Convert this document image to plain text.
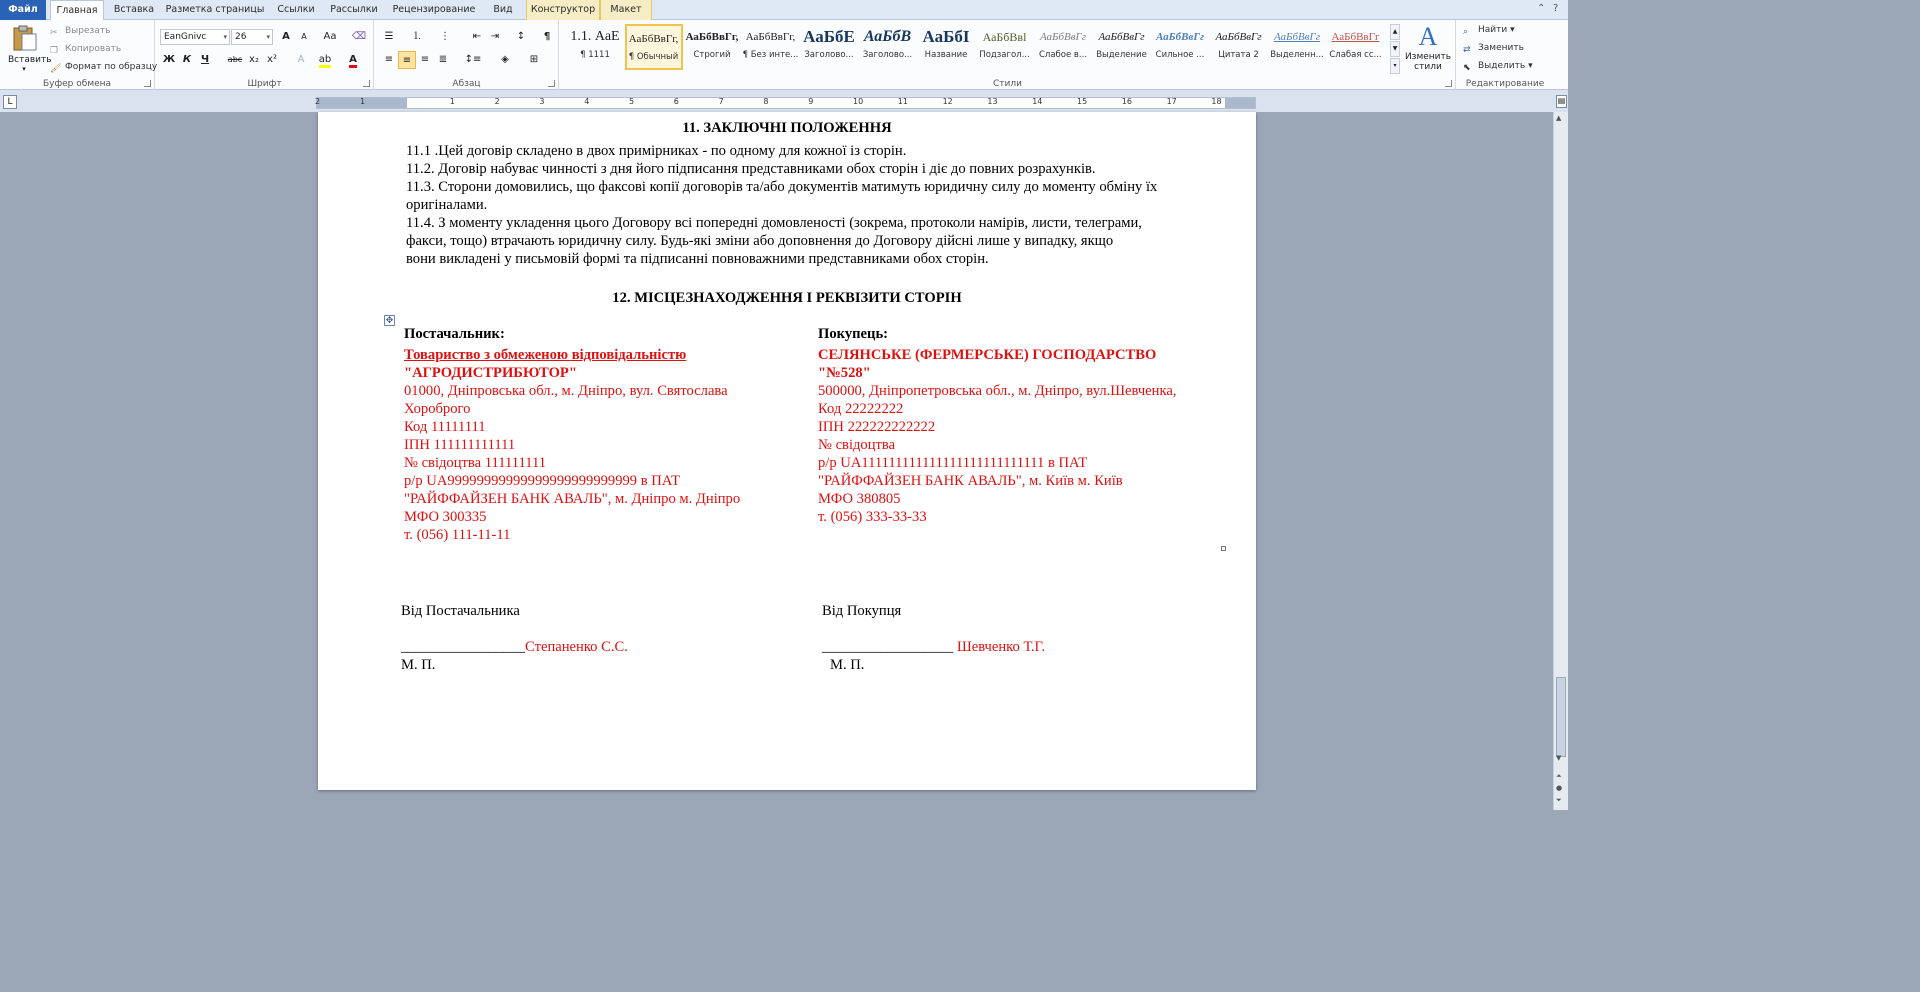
Файл	Главная	Вставка	Разметка страницы	Ссылки	Рассылки	Рецензирование	Вид	Конструктор	Макет	⌃ ?
Вставить
▾
✂ Вырезать
❐ Копировать
🖌 Формат по образцу
Буфер обмена
EanGnivc ▾ 26	▾	A	A	Aa	⌫
Ж К Ч	abc x₂ x²	A	ab	A
Шрифт
☰	⒈	⋮	⇤ ⇥	↕	¶
≡ ≡ ≡ ≣	↕≡	◈	⊞
Абзац
1.1. АаЕ
¶ 1111
АаБбВвГг,
¶ Обычный
АаБбВвГг,
Строгий
АаБбВвГг,
¶ Без инте...
АаБбE
Заголово...
АаБбВ
Заголово...
АаБбI
Название
АаБбВвl
Подзагол...
АаБбВвГг
Слабое в...
АаБбВвГг
Выделение
АаБбВвГг
Сильное ...
АаБбВвГг
Цитата 2
АаБбВвГг
Выделенн...
АаБбВвГг
Слабая сс...
▲
▼
▾
A
Изменить стили
Стили
⌕ Найти ▾
⇄ Заменить
⬉ Выделить ▾
Редактирование
L	2	1	1	2	3	4	5	6	7	8	9	10	11	12	13	14	15	16	17	18	▤
▲
▼
⏶
●
⏷
11. ЗАКЛЮЧНІ ПОЛОЖЕННЯ
11.1 .Цей договір складено в двох примірниках - по одному для кожної із сторін.
11.2. Договір набуває чинності з дня його підписання представниками обох сторін і діє до повних розрахунків.
11.3. Сторони домовились, що факсові копії договорів та/або документів матимуть юридичну силу до моменту обміну їх
оригіналами.
11.4. З моменту укладення цього Договору всі попередні домовленості (зокрема, протоколи намірів, листи, телеграми,
факси, тощо) втрачають юридичну силу. Будь-які зміни або доповнення до Договору дійсні лише у випадку, якщо
вони викладені у письмовій формі та підписанні повноважними представниками обох сторін.
12. МІСЦЕЗНАХОДЖЕННЯ І РЕКВІЗИТИ СТОРІН
✥
Постачальник:
Товариство з обмеженою відповідальністю
"АГРОДИСТРИБЮТОР"
01000, Дніпровська обл., м. Дніпро, вул. Святослава
Хороброго
Код 11111111
ІПН 111111111111
№ свідоцтва 111111111
р/р UA99999999999999999999999999 в ПАТ
"РАЙФФАЙЗЕН БАНК АВАЛЬ", м. Дніпро м. Дніпро
МФО 300335
т. (056) 111-11-11
Покупець:
СЕЛЯНСЬКЕ (ФЕРМЕРСЬКЕ) ГОСПОДАРСТВО
"№528"
500000, Дніпропетровська обл., м. Дніпро, вул.Шевченка,
Код 22222222
ІПН 222222222222
№ свідоцтва
р/р UA111111111111111111111111111 в ПАТ
"РАЙФФАЙЗЕН БАНК АВАЛЬ", м. Київ м. Київ
МФО 380805
т. (056) 333-33-33
Від Постачальника
_________________Степаненко С.С.
М. П.
Від Покупця
__________________ Шевченко Т.Г.
М. П.
